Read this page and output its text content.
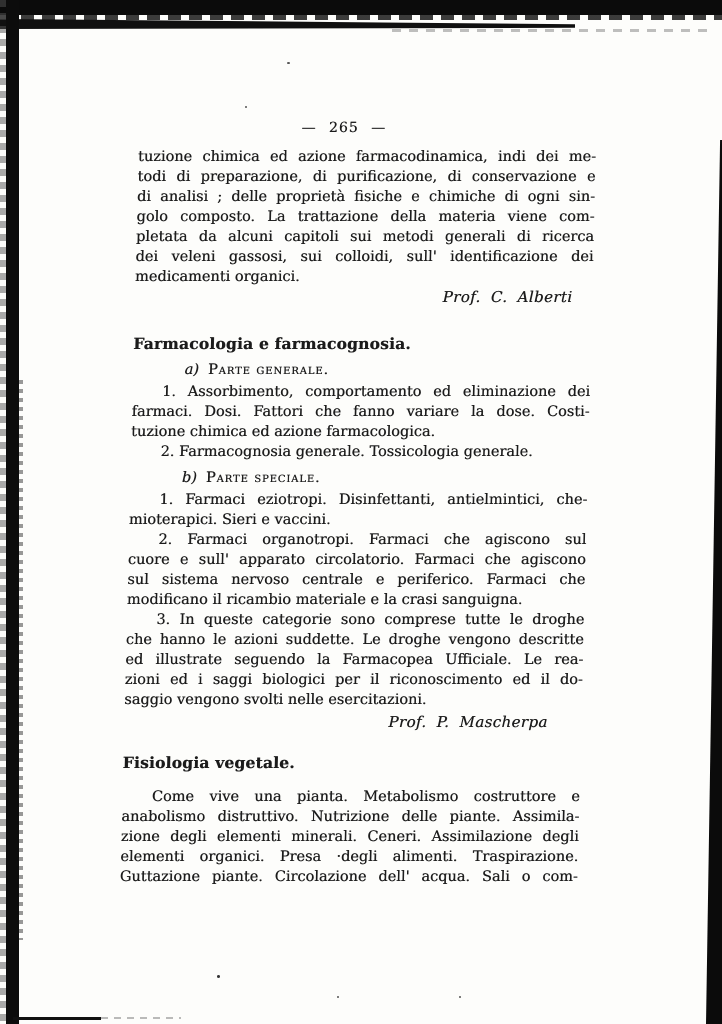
— 265 —
tuzione chimica ed azione farmacodinamica, indi dei me-
todi di preparazione, di purificazione, di conservazione e
di analisi ; delle proprietà fisiche e chimiche di ogni sin-
golo composto. La trattazione della materia viene com-
pletata da alcuni capitoli sui metodi generali di ricerca
dei veleni gassosi, sui colloidi, sull' identificazione dei
medicamenti organici.
Prof. C. Alberti
Farmacologia e farmacognosia.
a) Parte generale.
1. Assorbimento, comportamento ed eliminazione dei
farmaci. Dosi. Fattori che fanno variare la dose. Costi-
tuzione chimica ed azione farmacologica.
2. Farmacognosia generale. Tossicologia generale.
b) Parte speciale.
1. Farmaci eziotropi. Disinfettanti, antielmintici, che-
mioterapici. Sieri e vaccini.
2. Farmaci organotropi. Farmaci che agiscono sul
cuore e sull' apparato circolatorio. Farmaci che agiscono
sul sistema nervoso centrale e periferico. Farmaci che
modificano il ricambio materiale e la crasi sanguigna.
3. In queste categorie sono comprese tutte le droghe
che hanno le azioni suddette. Le droghe vengono descritte
ed illustrate seguendo la Farmacopea Ufficiale. Le rea-
zioni ed i saggi biologici per il riconoscimento ed il do-
saggio vengono svolti nelle esercitazioni.
Prof. P. Mascherpa
Fisiologia vegetale.
Come vive una pianta. Metabolismo costruttore e
anabolismo distruttivo. Nutrizione delle piante. Assimila-
zione degli elementi minerali. Ceneri. Assimilazione degli
elementi organici. Presa ·degli alimenti. Traspirazione.
Guttazione piante. Circolazione dell' acqua. Sali o com-
